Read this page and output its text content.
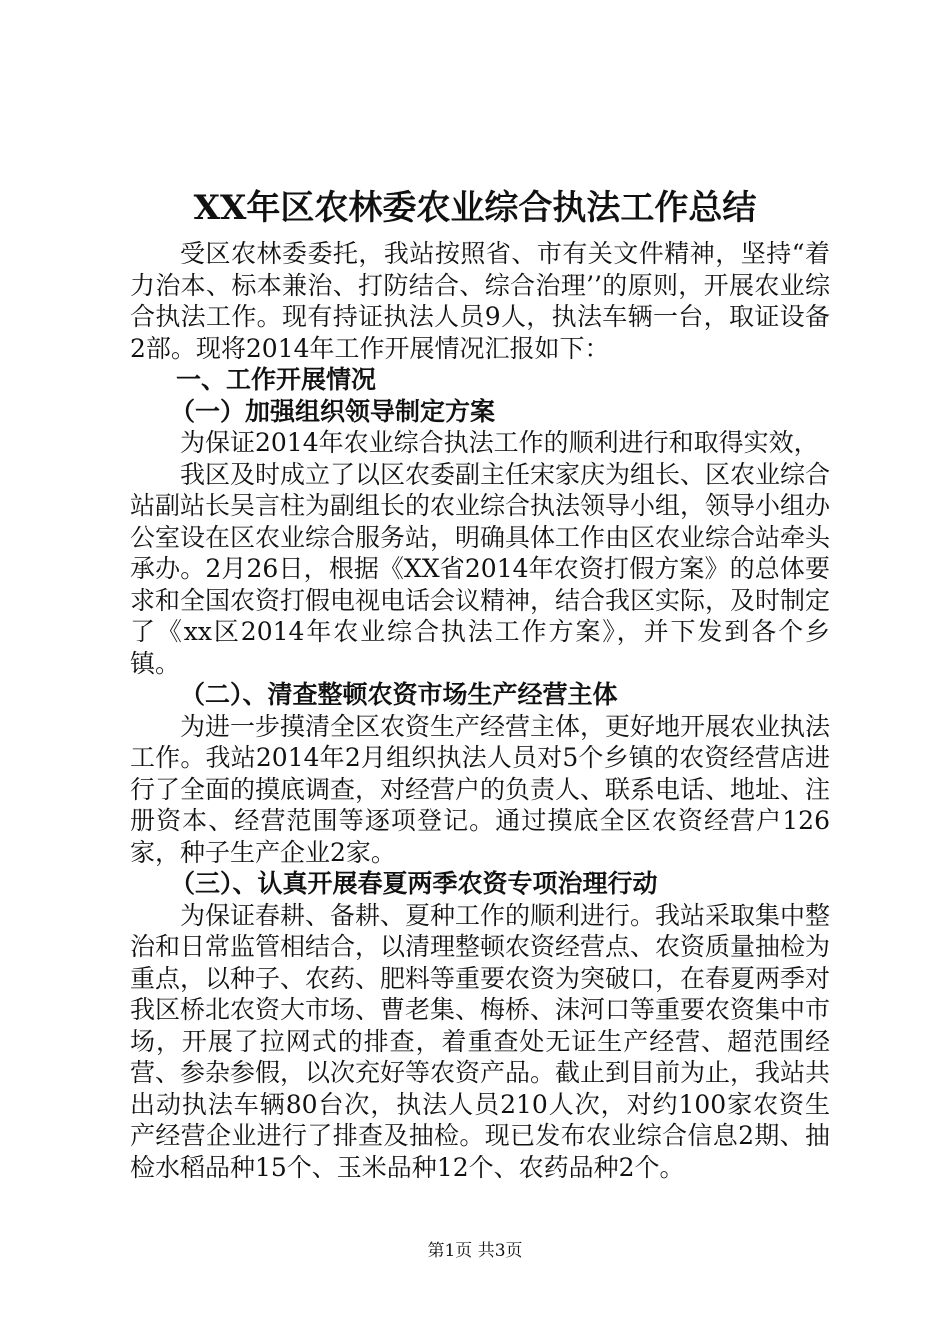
XX年区农林委农业综合执法工作总结

受区农林委委托，我站按照省、市有关文件精神，坚持“着力治本、标本兼治、打防结合、综合治理’’的原则，开展农业综合执法工作。现有持证执法人员9人，执法车辆一台，取证设备2部。现将2014年工作开展情况汇报如下：

一、工作开展情况
（一）加强组织领导制定方案

为保证2014年农业综合执法工作的顺利进行和取得实效，

我区及时成立了以区农委副主任宋家庆为组长、区农业综合站副站长吴言柱为副组长的农业综合执法领导小组，领导小组办公室设在区农业综合服务站，明确具体工作由区农业综合站牵头承办。2月26日，根据《XX省2014年农资打假方案》的总体要求和全国农资打假电视电话会议精神，结合我区实际，及时制定了《xx区2014年农业综合执法工作方案》，并下发到各个乡镇。

（二）、清查整顿农资市场生产经营主体

为进一步摸清全区农资生产经营主体，更好地开展农业执法工作。我站2014年2月组织执法人员对5个乡镇的农资经营店进行了全面的摸底调查，对经营户的负责人、联系电话、地址、注册资本、经营范围等逐项登记。通过摸底全区农资经营户126家，种子生产企业2家。

（三）、认真开展春夏两季农资专项治理行动

为保证春耕、备耕、夏种工作的顺利进行。我站采取集中整治和日常监管相结合，以清理整顿农资经营点、农资质量抽检为重点，以种子、农药、肥料等重要农资为突破口，在春夏两季对我区桥北农资大市场、曹老集、梅桥、沫河口等重要农资集中市场，开展了拉网式的排查，着重查处无证生产经营、超范围经营、参杂参假，以次充好等农资产品。截止到目前为止，我站共出动执法车辆80台次，执法人员210人次，对约100家农资生产经营企业进行了排查及抽检。现已发布农业综合信息2期、抽检水稻品种15个、玉米品种12个、农药品种2个。

第1页 共3页
